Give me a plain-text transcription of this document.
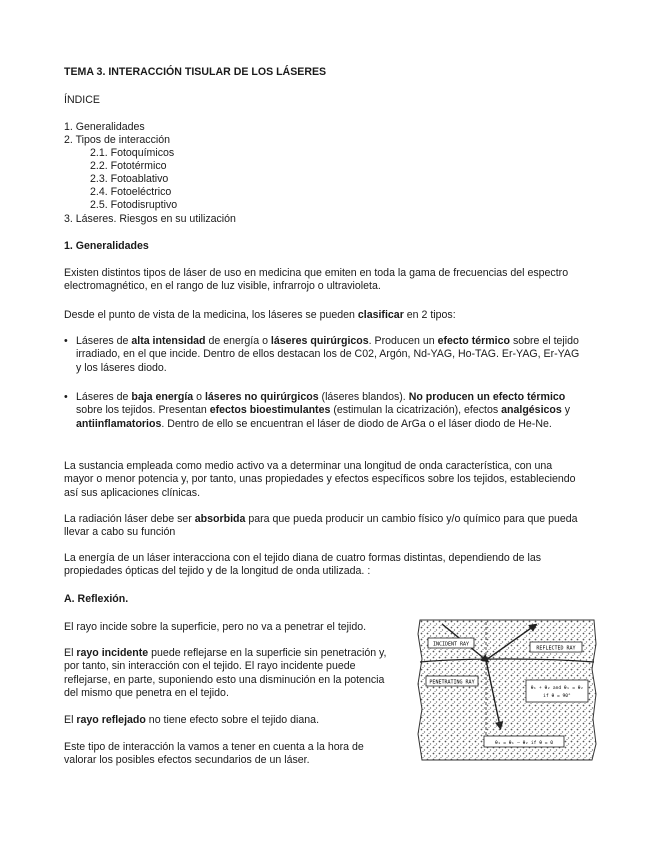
TEMA 3. INTERACCIÓN TISULAR DE LOS LÁSERES
ÍNDICE
1. Generalidades
2. Tipos de interacción
2.1. Fotoquímicos
2.2. Fototérmico
2.3. Fotoablativo
2.4. Fotoeléctrico
2.5. Fotodisruptivo
3. Láseres. Riesgos en su utilización
1. Generalidades
Existen distintos tipos de láser de uso en medicina que emiten en toda la gama de frecuencias del espectro electromagnético, en el rango de luz visible, infrarrojo o ultravioleta.
Desde el punto de vista de la medicina, los láseres se pueden clasificar en 2 tipos:
• Láseres de alta intensidad de energía o láseres quirúrgicos. Producen un efecto térmico sobre el tejido irradiado, en el que incide. Dentro de ellos destacan los de C02, Argón, Nd-YAG, Ho-TAG. Er-YAG, Er-YAG y los láseres diodo.
• Láseres de baja energía o láseres no quirúrgicos (láseres blandos). No producen un efecto térmico sobre los tejidos. Presentan efectos bioestimulantes (estimulan la cicatrización), efectos analgésicos y antiinflamatorios. Dentro de ello se encuentran el láser de diodo de ArGa o el láser diodo de He-Ne.
La sustancia empleada como medio activo va a determinar una longitud de onda característica, con una mayor o menor potencia y, por tanto, unas propiedades y efectos específicos sobre los tejidos, estableciendo así sus aplicaciones clínicas.
La radiación láser debe ser absorbida para que pueda producir un cambio físico y/o químico para que pueda llevar a cabo su función
La energía de un láser interacciona con el tejido diana de cuatro formas distintas, dependiendo de las propiedades ópticas del tejido y de la longitud de onda utilizada. :
A. Reflexión.
El rayo incide sobre la superficie, pero no va a penetrar el tejido.
El rayo incidente puede reflejarse en la superficie sin penetración y, por tanto, sin interacción con el tejido. El rayo incidente puede reflejarse, en parte, suponiendo esto una disminución en la potencia del mismo que penetra en el tejido.
El rayo reflejado no tiene efecto sobre el tejido diana.
Este tipo de interacción la vamos a tener en cuenta a la hora de valorar los posibles efectos secundarios de un láser.
INCIDENT RAY
REFLECTED RAY
PENETRATING RAY
θ₁ + θ₂ and θ₁ = θ₂
if θ = 90°
θ₁ = θ₁ – θ₂ if θ = 0
